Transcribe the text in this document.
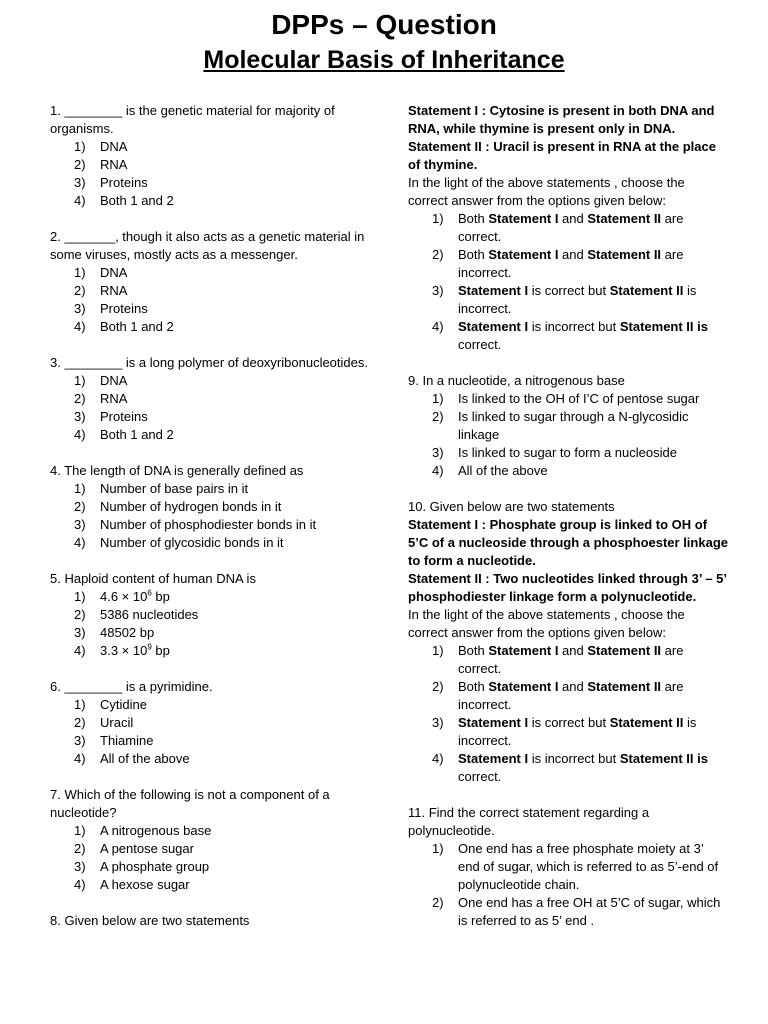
DPPs – Question
Molecular Basis of Inheritance

1. ________ is the genetic material for majority of organisms.

1) DNA
2) RNA
3) Proteins
4) Both 1 and 2

2. _______, though it also acts as a genetic material in some viruses, mostly acts as a messenger.

1) DNA
2) RNA
3) Proteins
4) Both 1 and 2

3. ________ is a long polymer of deoxyribonucleotides.

1) DNA
2) RNA
3) Proteins
4) Both 1 and 2

4. The length of DNA is generally defined as

1) Number of base pairs in it
2) Number of hydrogen bonds in it
3) Number of phosphodiester bonds in it
4) Number of glycosidic bonds in it

5. Haploid content of human DNA is

1) $4.6 \times 10^6$ bp
2) 5386 nucleotides
3) 48502 bp
4) $3.3 \times 10^9$ bp

6. ________ is a pyrimidine.

1) Cytidine
2) Uracil
3) Thiamine
4) All of the above

7. Which of the following is not a component of a nucleotide?

1) A nitrogenous base
2) A pentose sugar
3) A phosphate group
4) A hexose sugar

8. Given below are two statements

Statement I : Cytosine is present in both DNA and RNA, while thymine is present only in DNA.

Statement II : Uracil is present in RNA at the place of thymine.

In the light of the above statements , choose the correct answer from the options given below:

1) Both Statement I and Statement II are correct.
2) Both Statement I and Statement II are incorrect.
3) Statement I is correct but Statement II is incorrect.
4) Statement I is incorrect but Statement II is correct.

9. In a nucleotide, a nitrogenous base

1) Is linked to the OH of I’C of pentose sugar
2) Is linked to sugar through a N-glycosidic linkage
3) Is linked to sugar to form a nucleoside
4) All of the above

10. Given below are two statements

Statement I : Phosphate group is linked to OH of 5’C of a nucleoside through a phosphoester linkage to form a nucleotide.

Statement II : Two nucleotides linked through 3’ – 5’ phosphodiester linkage form a polynucleotide.

In the light of the above statements , choose the correct answer from the options given below:

1) Both Statement I and Statement II are correct.
2) Both Statement I and Statement II are incorrect.
3) Statement I is correct but Statement II is incorrect.
4) Statement I is incorrect but Statement II is correct.

11. Find the correct statement regarding a polynucleotide.

1) One end has a free phosphate moiety at 3’ end of sugar, which is referred to as 5’-end of polynucleotide chain.
2) One end has a free OH at 5’C of sugar, which is referred to as 5’ end .
